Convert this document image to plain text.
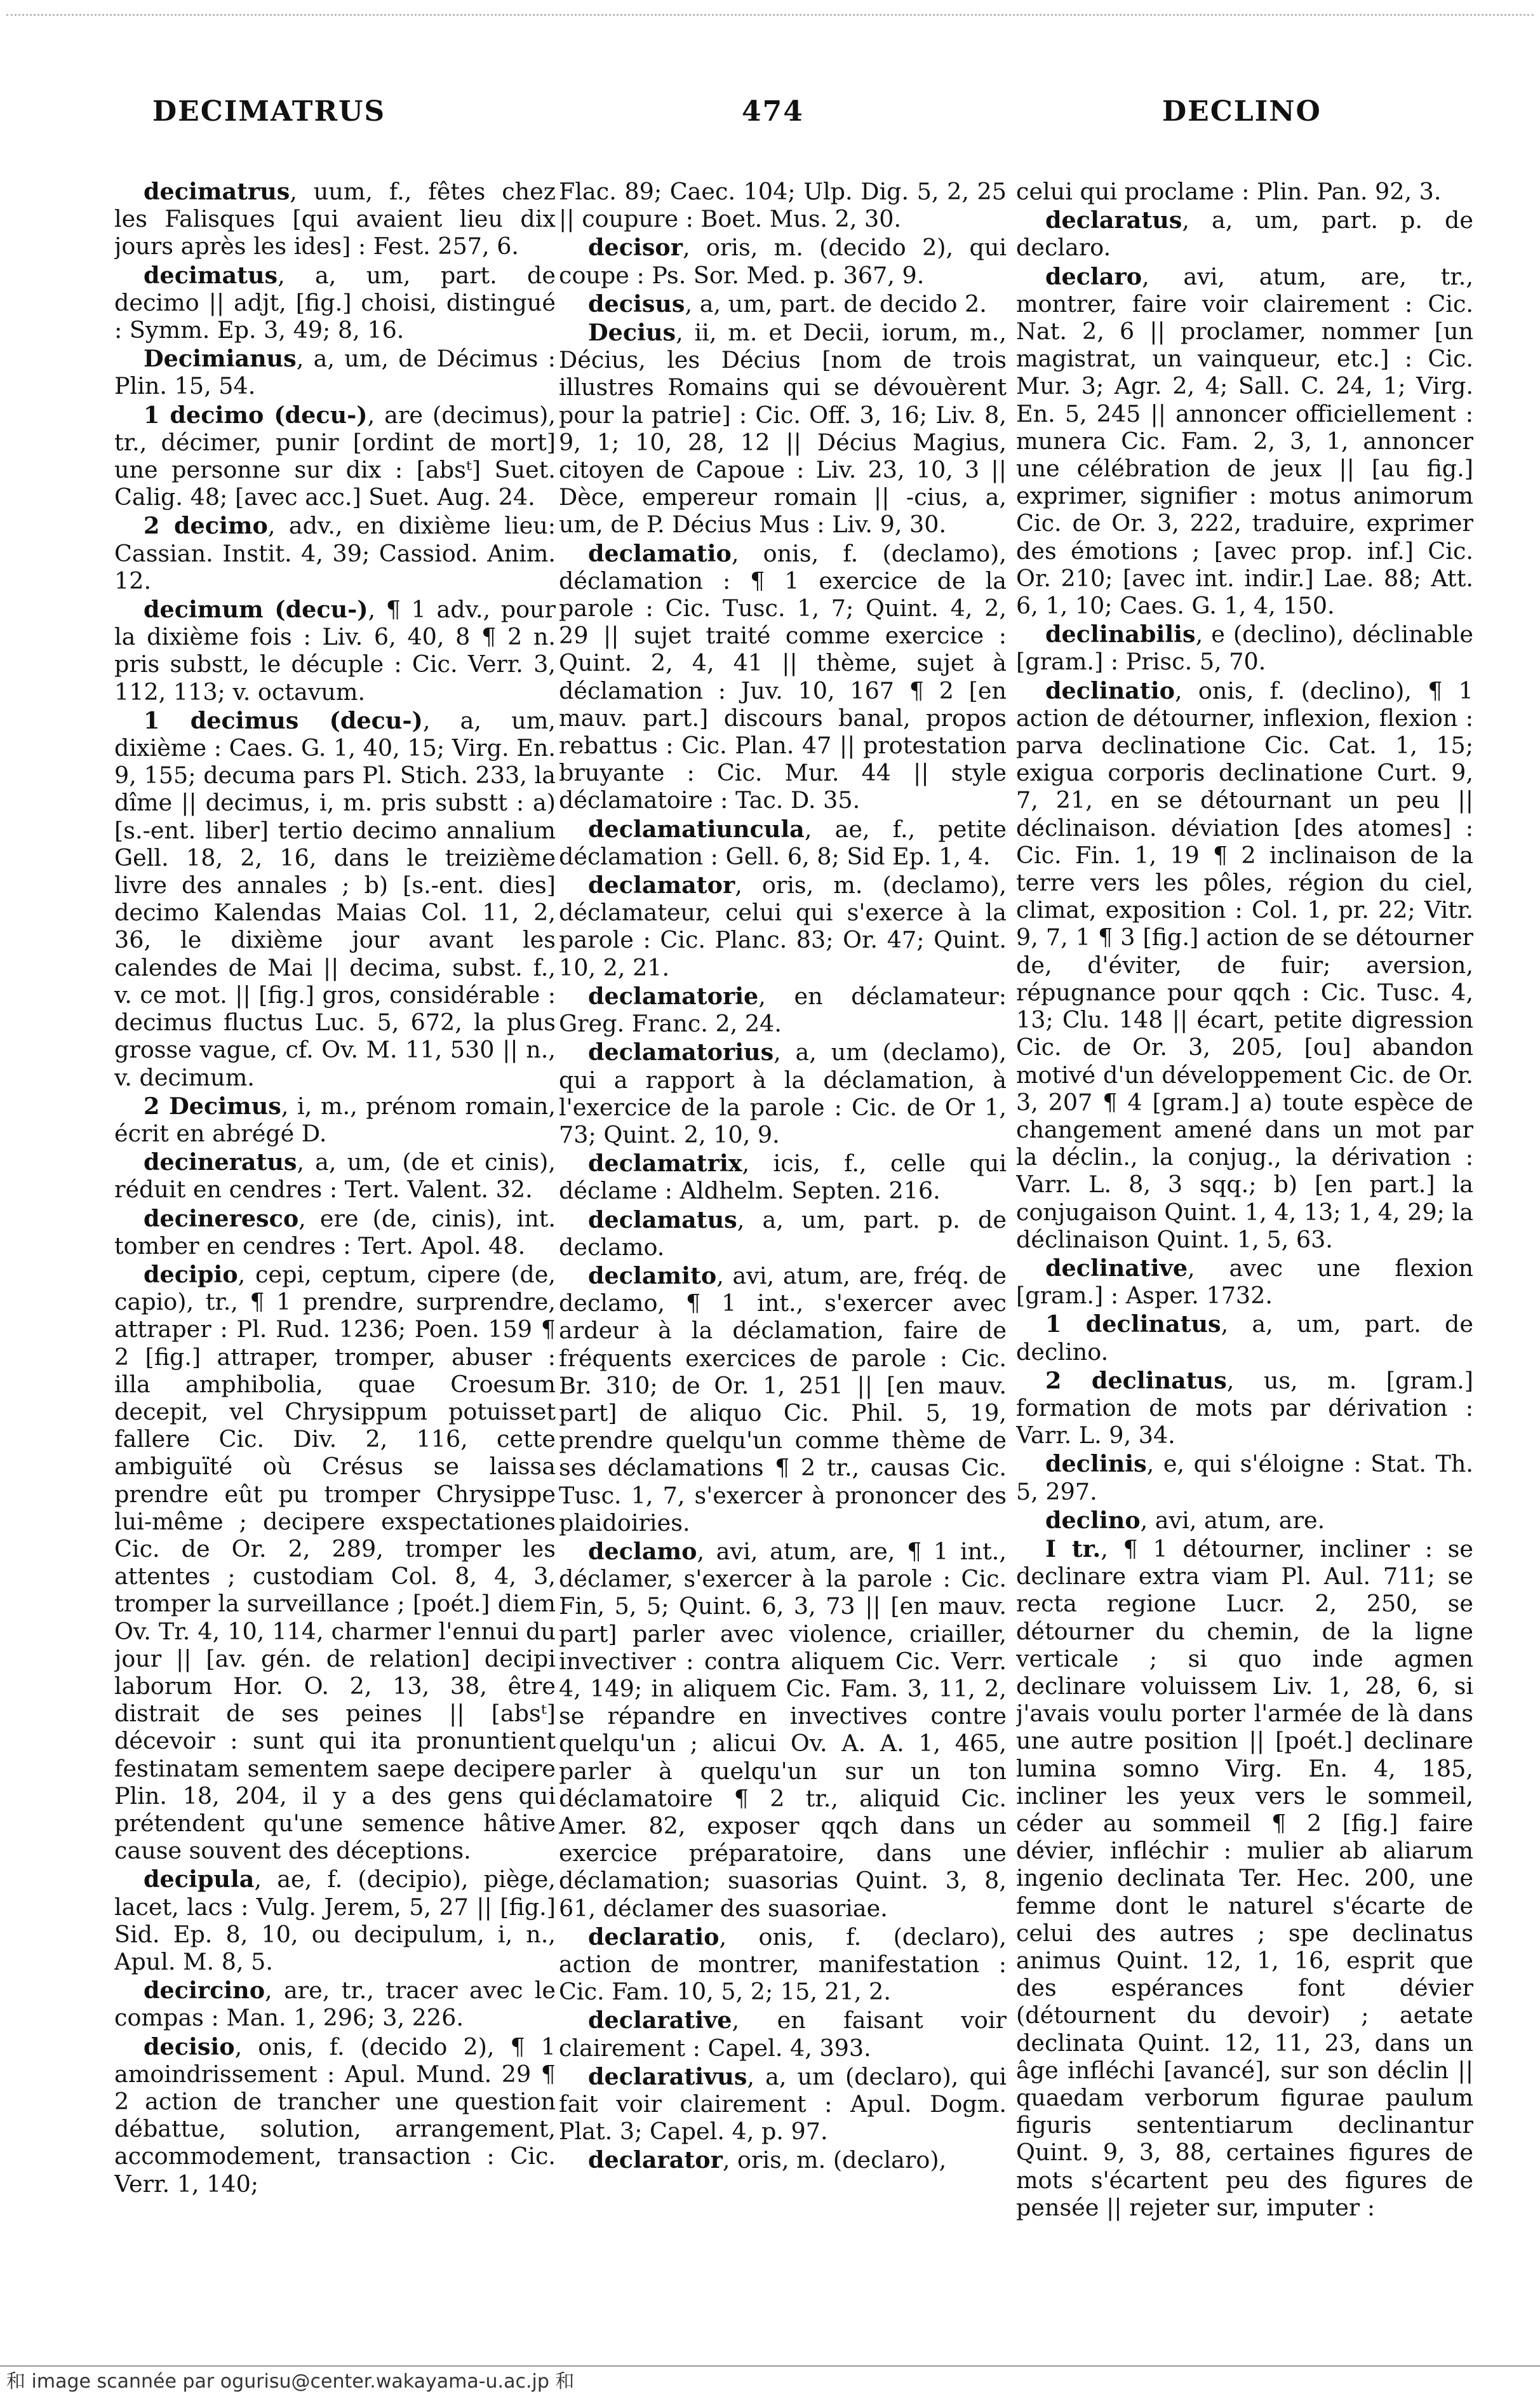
DECIMATRUS	474	DECLINO

decimatrus, uum, f., fêtes chez les Falisques [qui avaient lieu dix jours après les ides] : Fest. 257, 6.

decimatus, a, um, part. de decimo || adjt, [fig.] choisi, distingué : Symm. Ep. 3, 49; 8, 16.

Decimianus, a, um, de Décimus : Plin. 15, 54.

1 decimo (decu-), are (decimus), tr., décimer, punir [ordint de mort] une personne sur dix : [absᵗ] Suet. Calig. 48; [avec acc.] Suet. Aug. 24.

2 decimo, adv., en dixième lieu: Cassian. Instit. 4, 39; Cassiod. Anim. 12.

decimum (decu-), ¶ 1 adv., pour la dixième fois : Liv. 6, 40, 8 ¶ 2 n. pris substt, le décuple : Cic. Verr. 3, 112, 113; v. octavum.

1 decimus (decu-), a, um, dixième : Caes. G. 1, 40, 15; Virg. En. 9, 155; decuma pars Pl. Stich. 233, la dîme || decimus, i, m. pris substt : a) [s.-ent. liber] tertio decimo annalium Gell. 18, 2, 16, dans le treizième livre des annales ; b) [s.-ent. dies] decimo Kalendas Maias Col. 11, 2, 36, le dixième jour avant les calendes de Mai || decima, subst. f., v. ce mot. || [fig.] gros, considérable : decimus fluctus Luc. 5, 672, la plus grosse vague, cf. Ov. M. 11, 530 || n., v. decimum.

2 Decimus, i, m., prénom romain, écrit en abrégé D.

decineratus, a, um, (de et cinis), réduit en cendres : Tert. Valent. 32.

decineresco, ere (de, cinis), int. tomber en cendres : Tert. Apol. 48.

decipio, cepi, ceptum, cipere (de, capio), tr., ¶ 1 prendre, surprendre, attraper : Pl. Rud. 1236; Poen. 159 ¶ 2 [fig.] attraper, tromper, abuser : illa amphibolia, quae Croesum decepit, vel Chrysippum potuisset fallere Cic. Div. 2, 116, cette ambiguïté où Crésus se laissa prendre eût pu tromper Chrysippe lui-même ; decipere exspectationes Cic. de Or. 2, 289, tromper les attentes ; custodiam Col. 8, 4, 3, tromper la surveillance ; [poét.] diem Ov. Tr. 4, 10, 114, charmer l'ennui du jour || [av. gén. de relation] decipi laborum Hor. O. 2, 13, 38, être distrait de ses peines || [absᵗ] décevoir : sunt qui ita pronuntient festinatam sementem saepe decipere Plin. 18, 204, il y a des gens qui prétendent qu'une semence hâtive cause souvent des déceptions.

decipula, ae, f. (decipio), piège, lacet, lacs : Vulg. Jerem, 5, 27 || [fig.] Sid. Ep. 8, 10, ou decipulum, i, n., Apul. M. 8, 5.

decircino, are, tr., tracer avec le compas : Man. 1, 296; 3, 226.

decisio, onis, f. (decido 2), ¶ 1 amoindrissement : Apul. Mund. 29 ¶ 2 action de trancher une question débattue, solution, arrangement, accommodement, transaction : Cic. Verr. 1, 140;

Flac. 89; Caec. 104; Ulp. Dig. 5, 2, 25 || coupure : Boet. Mus. 2, 30.

decisor, oris, m. (decido 2), qui coupe : Ps. Sor. Med. p. 367, 9.

decisus, a, um, part. de decido 2.

Decius, ii, m. et Decii, iorum, m., Décius, les Décius [nom de trois illustres Romains qui se dévouèrent pour la patrie] : Cic. Off. 3, 16; Liv. 8, 9, 1; 10, 28, 12 || Décius Magius, citoyen de Capoue : Liv. 23, 10, 3 || Dèce, empereur romain || -cius, a, um, de P. Décius Mus : Liv. 9, 30.

declamatio, onis, f. (declamo), déclamation : ¶ 1 exercice de la parole : Cic. Tusc. 1, 7; Quint. 4, 2, 29 || sujet traité comme exercice : Quint. 2, 4, 41 || thème, sujet à déclamation : Juv. 10, 167 ¶ 2 [en mauv. part.] discours banal, propos rebattus : Cic. Plan. 47 || protestation bruyante : Cic. Mur. 44 || style déclamatoire : Tac. D. 35.

declamatiuncula, ae, f., petite déclamation : Gell. 6, 8; Sid Ep. 1, 4.

declamator, oris, m. (declamo), déclamateur, celui qui s'exerce à la parole : Cic. Planc. 83; Or. 47; Quint. 10, 2, 21.

declamatorie, en déclamateur: Greg. Franc. 2, 24.

declamatorius, a, um (declamo), qui a rapport à la déclamation, à l'exercice de la parole : Cic. de Or 1, 73; Quint. 2, 10, 9.

declamatrix, icis, f., celle qui déclame : Aldhelm. Septen. 216.

declamatus, a, um, part. p. de declamo.

declamito, avi, atum, are, fréq. de declamo, ¶ 1 int., s'exercer avec ardeur à la déclamation, faire de fréquents exercices de parole : Cic. Br. 310; de Or. 1, 251 || [en mauv. part] de aliquo Cic. Phil. 5, 19, prendre quelqu'un comme thème de ses déclamations ¶ 2 tr., causas Cic. Tusc. 1, 7, s'exercer à prononcer des plaidoiries.

declamo, avi, atum, are, ¶ 1 int., déclamer, s'exercer à la parole : Cic. Fin, 5, 5; Quint. 6, 3, 73 || [en mauv. part] parler avec violence, criailler, invectiver : contra aliquem Cic. Verr. 4, 149; in aliquem Cic. Fam. 3, 11, 2, se répandre en invectives contre quelqu'un ; alicui Ov. A. A. 1, 465, parler à quelqu'un sur un ton déclamatoire ¶ 2 tr., aliquid Cic. Amer. 82, exposer qqch dans un exercice préparatoire, dans une déclamation; suasorias Quint. 3, 8, 61, déclamer des suasoriae.

declaratio, onis, f. (declaro), action de montrer, manifestation : Cic. Fam. 10, 5, 2; 15, 21, 2.

declarative, en faisant voir clairement : Capel. 4, 393.

declarativus, a, um (declaro), qui fait voir clairement : Apul. Dogm. Plat. 3; Capel. 4, p. 97.

declarator, oris, m. (declaro),

celui qui proclame : Plin. Pan. 92, 3.

declaratus, a, um, part. p. de declaro.

declaro, avi, atum, are, tr., montrer, faire voir clairement : Cic. Nat. 2, 6 || proclamer, nommer [un magistrat, un vainqueur, etc.] : Cic. Mur. 3; Agr. 2, 4; Sall. C. 24, 1; Virg. En. 5, 245 || annoncer officiellement : munera Cic. Fam. 2, 3, 1, annoncer une célébration de jeux || [au fig.] exprimer, signifier : motus animorum Cic. de Or. 3, 222, traduire, exprimer des émotions ; [avec prop. inf.] Cic. Or. 210; [avec int. indir.] Lae. 88; Att. 6, 1, 10; Caes. G. 1, 4, 150.

declinabilis, e (declino), déclinable [gram.] : Prisc. 5, 70.

declinatio, onis, f. (declino), ¶ 1 action de détourner, inflexion, flexion : parva declinatione Cic. Cat. 1, 15; exigua corporis declinatione Curt. 9, 7, 21, en se détournant un peu || déclinaison. déviation [des atomes] : Cic. Fin. 1, 19 ¶ 2 inclinaison de la terre vers les pôles, région du ciel, climat, exposition : Col. 1, pr. 22; Vitr. 9, 7, 1 ¶ 3 [fig.] action de se détourner de, d'éviter, de fuir; aversion, répugnance pour qqch : Cic. Tusc. 4, 13; Clu. 148 || écart, petite digression Cic. de Or. 3, 205, [ou] abandon motivé d'un développement Cic. de Or. 3, 207 ¶ 4 [gram.] a) toute espèce de changement amené dans un mot par la déclin., la conjug., la dérivation : Varr. L. 8, 3 sqq.; b) [en part.] la conjugaison Quint. 1, 4, 13; 1, 4, 29; la déclinaison Quint. 1, 5, 63.

declinative, avec une flexion [gram.] : Asper. 1732.

1 declinatus, a, um, part. de declino.

2 declinatus, us, m. [gram.] formation de mots par dérivation : Varr. L. 9, 34.

declinis, e, qui s'éloigne : Stat. Th. 5, 297.

declino, avi, atum, are.

I tr., ¶ 1 détourner, incliner : se declinare extra viam Pl. Aul. 711; se recta regione Lucr. 2, 250, se détourner du chemin, de la ligne verticale ; si quo inde agmen declinare voluissem Liv. 1, 28, 6, si j'avais voulu porter l'armée de là dans une autre position || [poét.] declinare lumina somno Virg. En. 4, 185, incliner les yeux vers le sommeil, céder au sommeil ¶ 2 [fig.] faire dévier, infléchir : mulier ab aliarum ingenio declinata Ter. Hec. 200, une femme dont le naturel s'écarte de celui des autres ; spe declinatus animus Quint. 12, 1, 16, esprit que des espérances font dévier (détournent du devoir) ; aetate declinata Quint. 12, 11, 23, dans un âge infléchi [avancé], sur son déclin || quaedam verborum figurae paulum figuris sententiarum declinantur Quint. 9, 3, 88, certaines figures de mots s'écartent peu des figures de pensée || rejeter sur, imputer :

和 image scannée par ogurisu@center.wakayama-u.ac.jp 和
